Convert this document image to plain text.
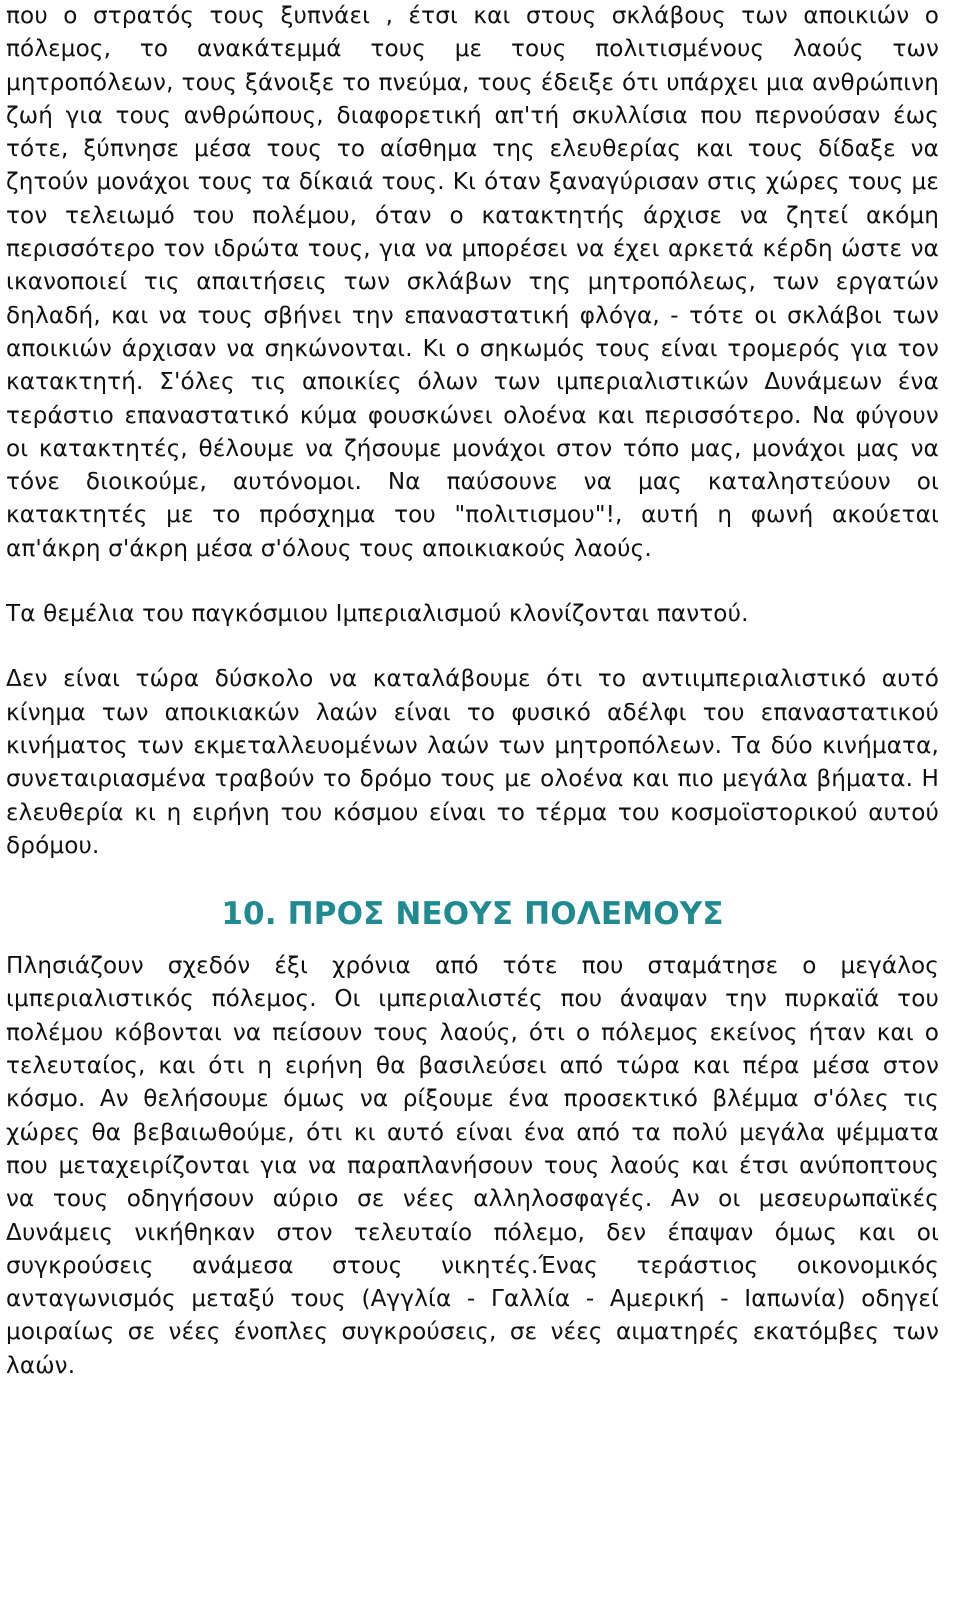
που ο στρατός τους ξυπνάει , έτσι και στους σκλάβους των αποικιών ο πόλεμος, το ανακάτεμμά τους με τους πολιτισμένους λαούς των μητροπόλεων, τους ξάνοιξε το πνεύμα, τους έδειξε ότι υπάρχει μια ανθρώπινη ζωή για τους ανθρώπους, διαφορετική απ'τή σκυλλίσια που περνούσαν έως τότε, ξύπνησε μέσα τους το αίσθημα της ελευθερίας και τους δίδαξε να ζητούν μονάχοι τους τα δίκαιά τους. Κι όταν ξαναγύρισαν στις χώρες τους με τον τελειωμό του πολέμου, όταν ο κατακτητής άρχισε να ζητεί ακόμη περισσότερο τον ιδρώτα τους, για να μπορέσει να έχει αρκετά κέρδη ώστε να ικανοποιεί τις απαιτήσεις των σκλάβων της μητροπόλεως, των εργατών δηλαδή, και να τους σβήνει την επαναστατική φλόγα, - τότε οι σκλάβοι των αποικιών άρχισαν να σηκώνονται. Κι ο σηκωμός τους είναι τρομερός για τον κατακτητή. Σ'όλες τις αποικίες όλων των ιμπεριαλιστικών Δυνάμεων ένα τεράστιο επαναστατικό κύμα φουσκώνει ολοένα και περισσότερο. Να φύγουν οι κατακτητές, θέλουμε να ζήσουμε μονάχοι στον τόπο μας, μονάχοι μας να τόνε διοικούμε, αυτόνομοι. Να παύσουνε να μας καταληστεύουν οι κατακτητές με το πρόσχημα του "πολιτισμου"!, αυτή η φωνή ακούεται απ'άκρη σ'άκρη μέσα σ'όλους τους αποικιακούς λαούς.

Τα θεμέλια του παγκόσμιου Ιμπεριαλισμού κλονίζονται παντού.

Δεν είναι τώρα δύσκολο να καταλάβουμε ότι το αντιιμπεριαλιστικό αυτό κίνημα των αποικιακών λαών είναι το φυσικό αδέλφι του επαναστατικού κινήματος των εκμεταλλευομένων λαών των μητροπόλεων. Τα δύο κινήματα, συνεταιριασμένα τραβούν το δρόμο τους με ολοένα και πιο μεγάλα βήματα. Η ελευθερία κι η ειρήνη του κόσμου είναι το τέρμα του κοσμοϊστορικού αυτού δρόμου.

10. ΠΡΟΣ ΝΕΟΥΣ ΠΟΛΕΜΟΥΣ

Πλησιάζουν σχεδόν έξι χρόνια από τότε που σταμάτησε ο μεγάλος ιμπεριαλιστικός πόλεμος. Οι ιμπεριαλιστές που άναψαν την πυρκαϊά του πολέμου κόβονται να πείσουν τους λαούς, ότι ο πόλεμος εκείνος ήταν και ο τελευταίος, και ότι η ειρήνη θα βασιλεύσει από τώρα και πέρα μέσα στον κόσμο. Αν θελήσουμε όμως να ρίξουμε ένα προσεκτικό βλέμμα σ'όλες τις χώρες θα βεβαιωθούμε, ότι κι αυτό είναι ένα από τα πολύ μεγάλα ψέμματα που μεταχειρίζονται για να παραπλανήσουν τους λαούς και έτσι ανύποπτους να τους οδηγήσουν αύριο σε νέες αλληλοσφαγές. Αν οι μεσευρωπαϊκές Δυνάμεις νικήθηκαν στον τελευταίο πόλεμο, δεν έπαψαν όμως και οι συγκρούσεις ανάμεσα στους νικητές.Ένας τεράστιος οικονομικός ανταγωνισμός μεταξύ τους (Αγγλία - Γαλλία - Αμερική - Ιαπωνία) οδηγεί μοιραίως σε νέες ένοπλες συγκρούσεις, σε νέες αιματηρές εκατόμβες των λαών.
